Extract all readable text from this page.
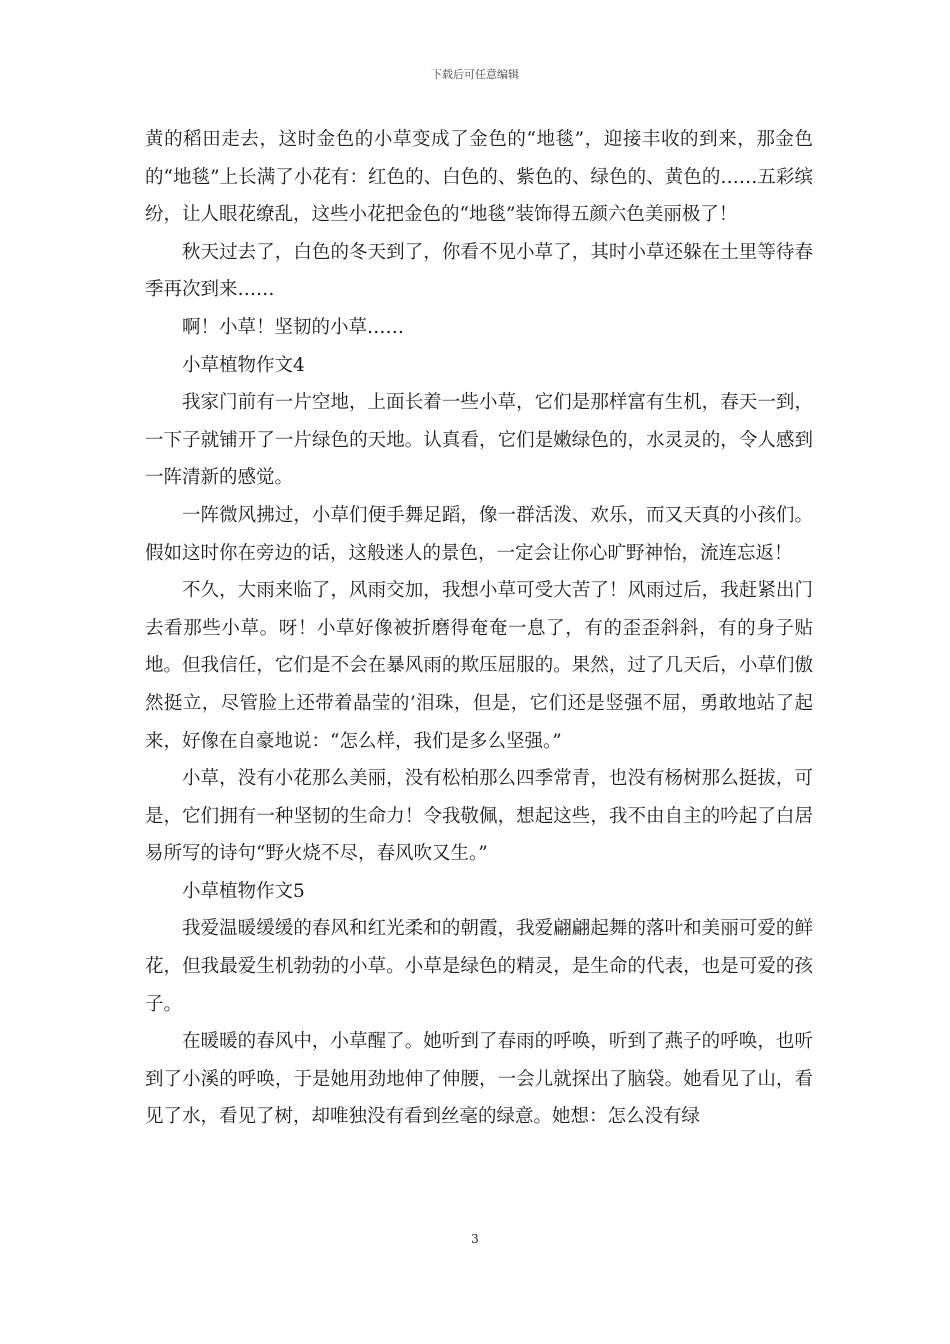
下载后可任意编辑

黄的稻田走去，这时金色的小草变成了金色的“地毯”，迎接丰收的到来，那金色的“地毯”上长满了小花有：红色的、白色的、紫色的、绿色的、黄色的……五彩缤纷，让人眼花缭乱，这些小花把金色的“地毯”装饰得五颜六色美丽极了！

秋天过去了，白色的冬天到了，你看不见小草了，其时小草还躲在土里等待春季再次到来……

啊！小草！坚韧的小草……

小草植物作文4

我家门前有一片空地，上面长着一些小草，它们是那样富有生机，春天一到，一下子就铺开了一片绿色的天地。认真看，它们是嫩绿色的，水灵灵的，令人感到一阵清新的感觉。

一阵微风拂过，小草们便手舞足蹈，像一群活泼、欢乐，而又天真的小孩们。假如这时你在旁边的话，这般迷人的景色，一定会让你心旷野神怡，流连忘返！

不久，大雨来临了，风雨交加，我想小草可受大苦了！风雨过后，我赶紧出门去看那些小草。呀！小草好像被折磨得奄奄一息了，有的歪歪斜斜，有的身子贴地。但我信任，它们是不会在暴风雨的欺压屈服的。果然，过了几天后，小草们傲然挺立，尽管脸上还带着晶莹的’泪珠，但是，它们还是竖强不屈，勇敢地站了起来，好像在自豪地说：“怎么样，我们是多么坚强。”

小草，没有小花那么美丽，没有松柏那么四季常青，也没有杨树那么挺拔，可是，它们拥有一种坚韧的生命力！令我敬佩，想起这些，我不由自主的吟起了白居易所写的诗句“野火烧不尽，春风吹又生。”

小草植物作文5

我爱温暖缓缓的春风和红光柔和的朝霞，我爱翩翩起舞的落叶和美丽可爱的鲜花，但我最爱生机勃勃的小草。小草是绿色的精灵，是生命的代表，也是可爱的孩子。

在暖暖的春风中，小草醒了。她听到了春雨的呼唤，听到了燕子的呼唤，也听到了小溪的呼唤，于是她用劲地伸了伸腰，一会儿就探出了脑袋。她看见了山，看见了水，看见了树，却唯独没有看到丝毫的绿意。她想：怎么没有绿

3
